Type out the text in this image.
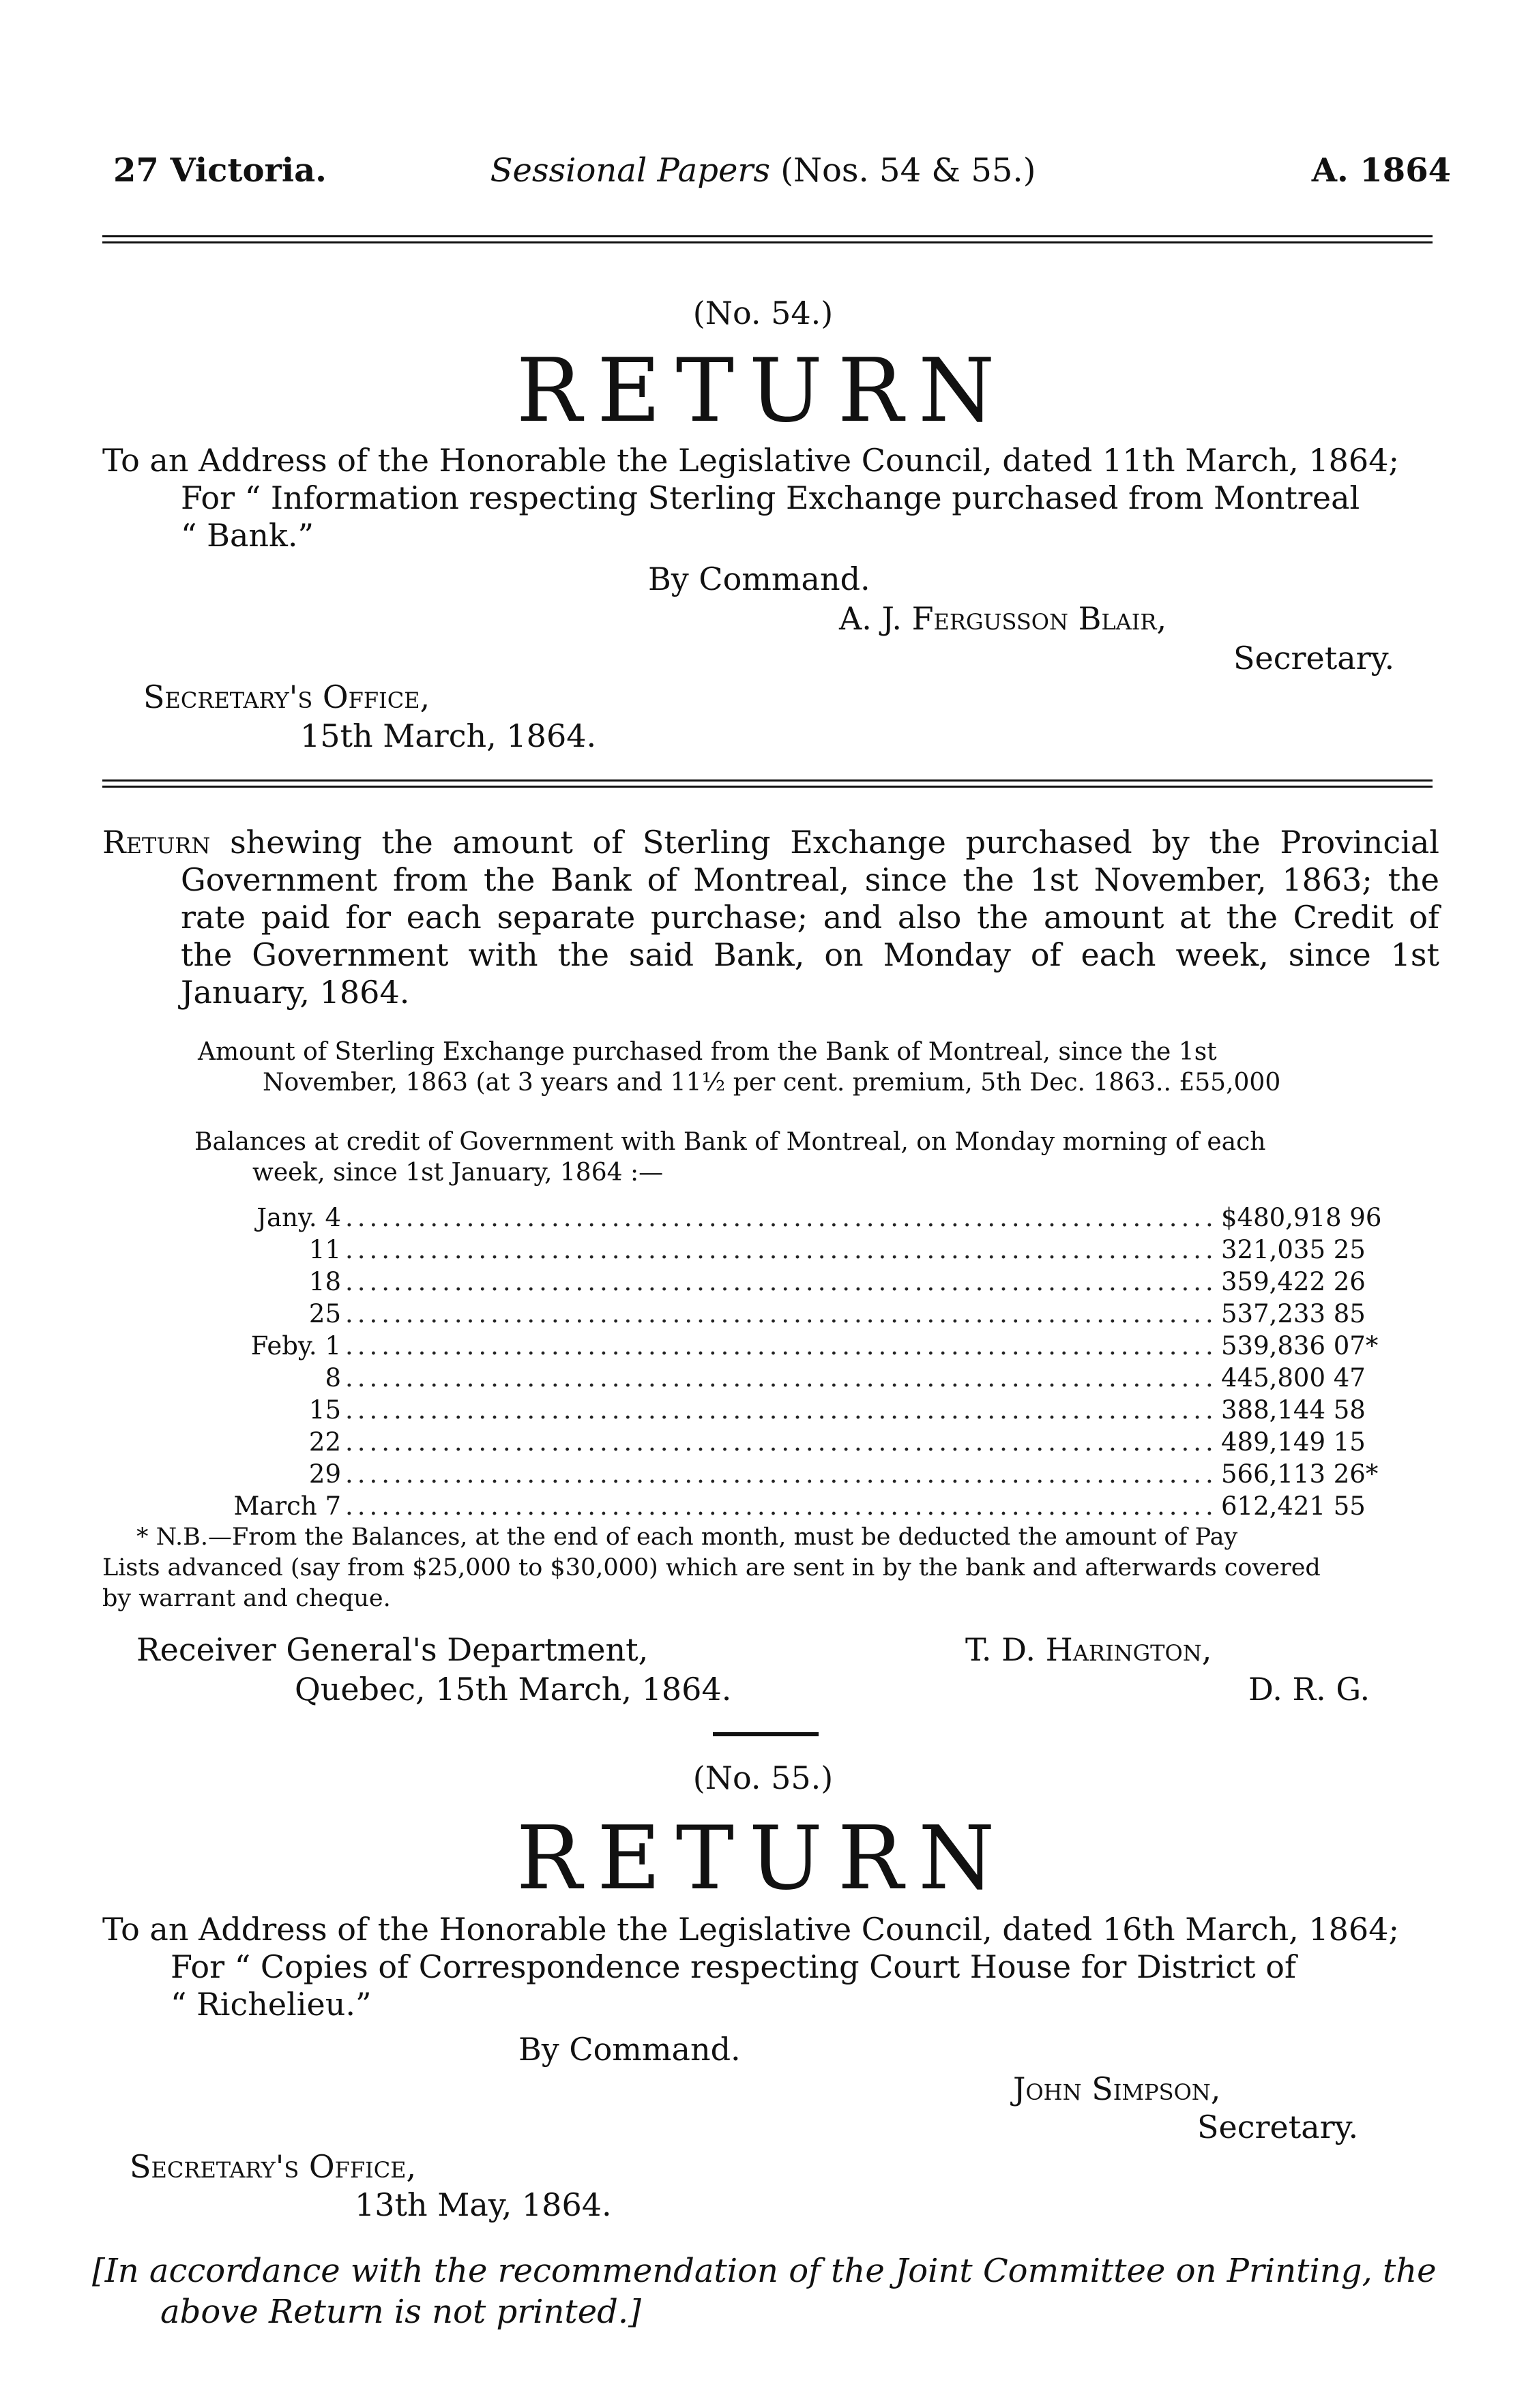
27 Victoria.	Sessional Papers (Nos. 54 & 55.)	A. 1864
(No. 54.)
RETURN
To an Address of the Honorable the Legislative Council, dated 11th March, 1864;
For “ Information respecting Sterling Exchange purchased from Montreal
“ Bank.”
By Command.
A. J. Fergusson Blair,
Secretary.
Secretary's Office,
15th March, 1864.
Return shewing the amount of Sterling Exchange purchased by the Provincial
Government from the Bank of Montreal, since the 1st November, 1863; the
rate paid for each separate purchase; and also the amount at the Credit of
the Government with the said Bank, on Monday of each week, since 1st
January, 1864.
Amount of Sterling Exchange purchased from the Bank of Montreal, since the 1st
November, 1863 (at 3 years and 11½ per cent. premium, 5th Dec. 1863.. £55,000
Balances at credit of Government with Bank of Montreal, on Monday morning of each
week, since 1st January, 1864 :—
Jany. 4 .....	$480,918 96
11 .....	321,035 25
18 .....	359,422 26
25 .....	537,233 85
Feby. 1 .....	539,836 07*
8 .....	445,800 47
15 .....	388,144 58
22 .....	489,149 15
29 .....	566,113 26*
March 7 .....	612,421 55
* N.B.—From the Balances, at the end of each month, must be deducted the amount of Pay
Lists advanced (say from $25,000 to $30,000) which are sent in by the bank and afterwards covered
by warrant and cheque.
Receiver General's Department,
Quebec, 15th March, 1864.
T. D. Harington,
D. R. G.
(No. 55.)
RETURN
To an Address of the Honorable the Legislative Council, dated 16th March, 1864;
For “ Copies of Correspondence respecting Court House for District of
“ Richelieu.”
By Command.
John Simpson,
Secretary.
Secretary's Office,
13th May, 1864.
[In accordance with the recommendation of the Joint Committee on Printing, the
above Return is not printed.]
